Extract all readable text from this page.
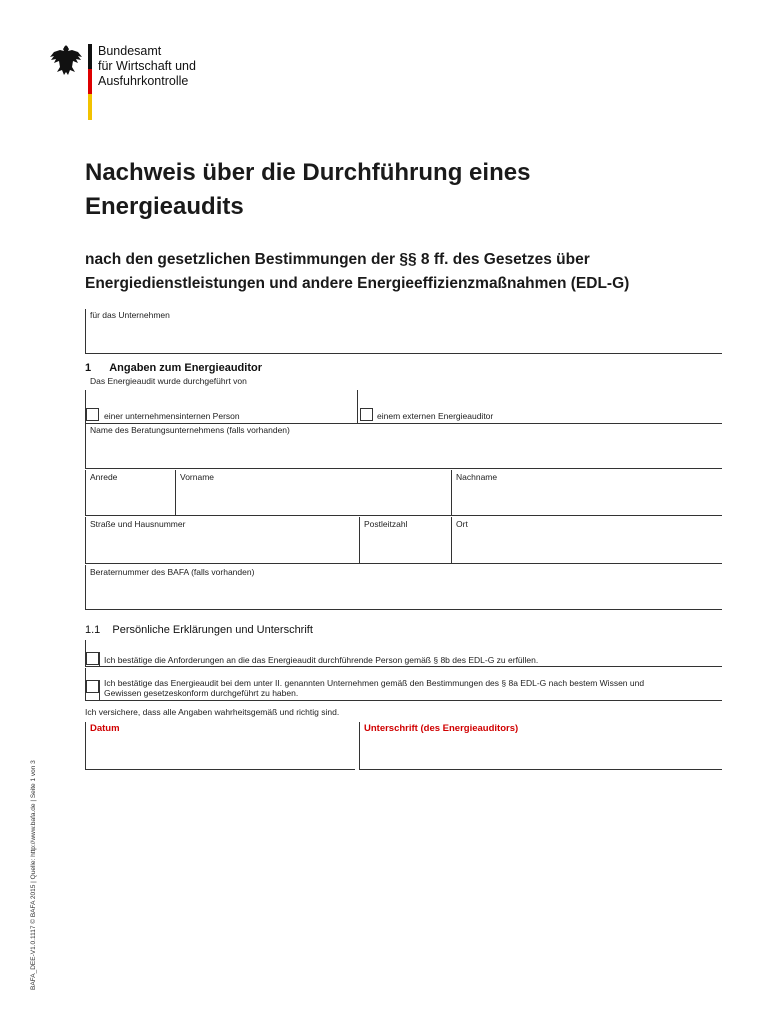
Bundesamt
für Wirtschaft und
Ausfuhrkontrolle
Nachweis über die Durchführung eines
Energieaudits
nach den gesetzlichen Bestimmungen der §§ 8 ff. des Gesetzes über
Energiedienstleistungen und andere Energieeffizienzmaßnahmen (EDL-G)
für das Unternehmen
1 Angaben zum Energieauditor
Das Energieaudit wurde durchgeführt von
einer unternehmensinternen Person	einem externen Energieauditor
Name des Beratungsunternehmens (falls vorhanden)
Anrede	Vorname	Nachname
Straße und Hausnummer	Postleitzahl	Ort
Beraternummer des BAFA (falls vorhanden)
1.1 Persönliche Erklärungen und Unterschrift
Ich bestätige die Anforderungen an die das Energieaudit durchführende Person gemäß § 8b des EDL-G zu erfüllen.
Ich bestätige das Energieaudit bei dem unter II. genannten Unternehmen gemäß den Bestimmungen des § 8a EDL-G nach bestem Wissen und
Gewissen gesetzeskonform durchgeführt zu haben.
Ich versichere, dass alle Angaben wahrheitsgemäß und richtig sind.
Datum	Unterschrift (des Energieauditors)
BAFA_DEE-V1.0.1117 © BAFA 2015 | Quelle: http://www.bafa.de | Seite 1 von 3
